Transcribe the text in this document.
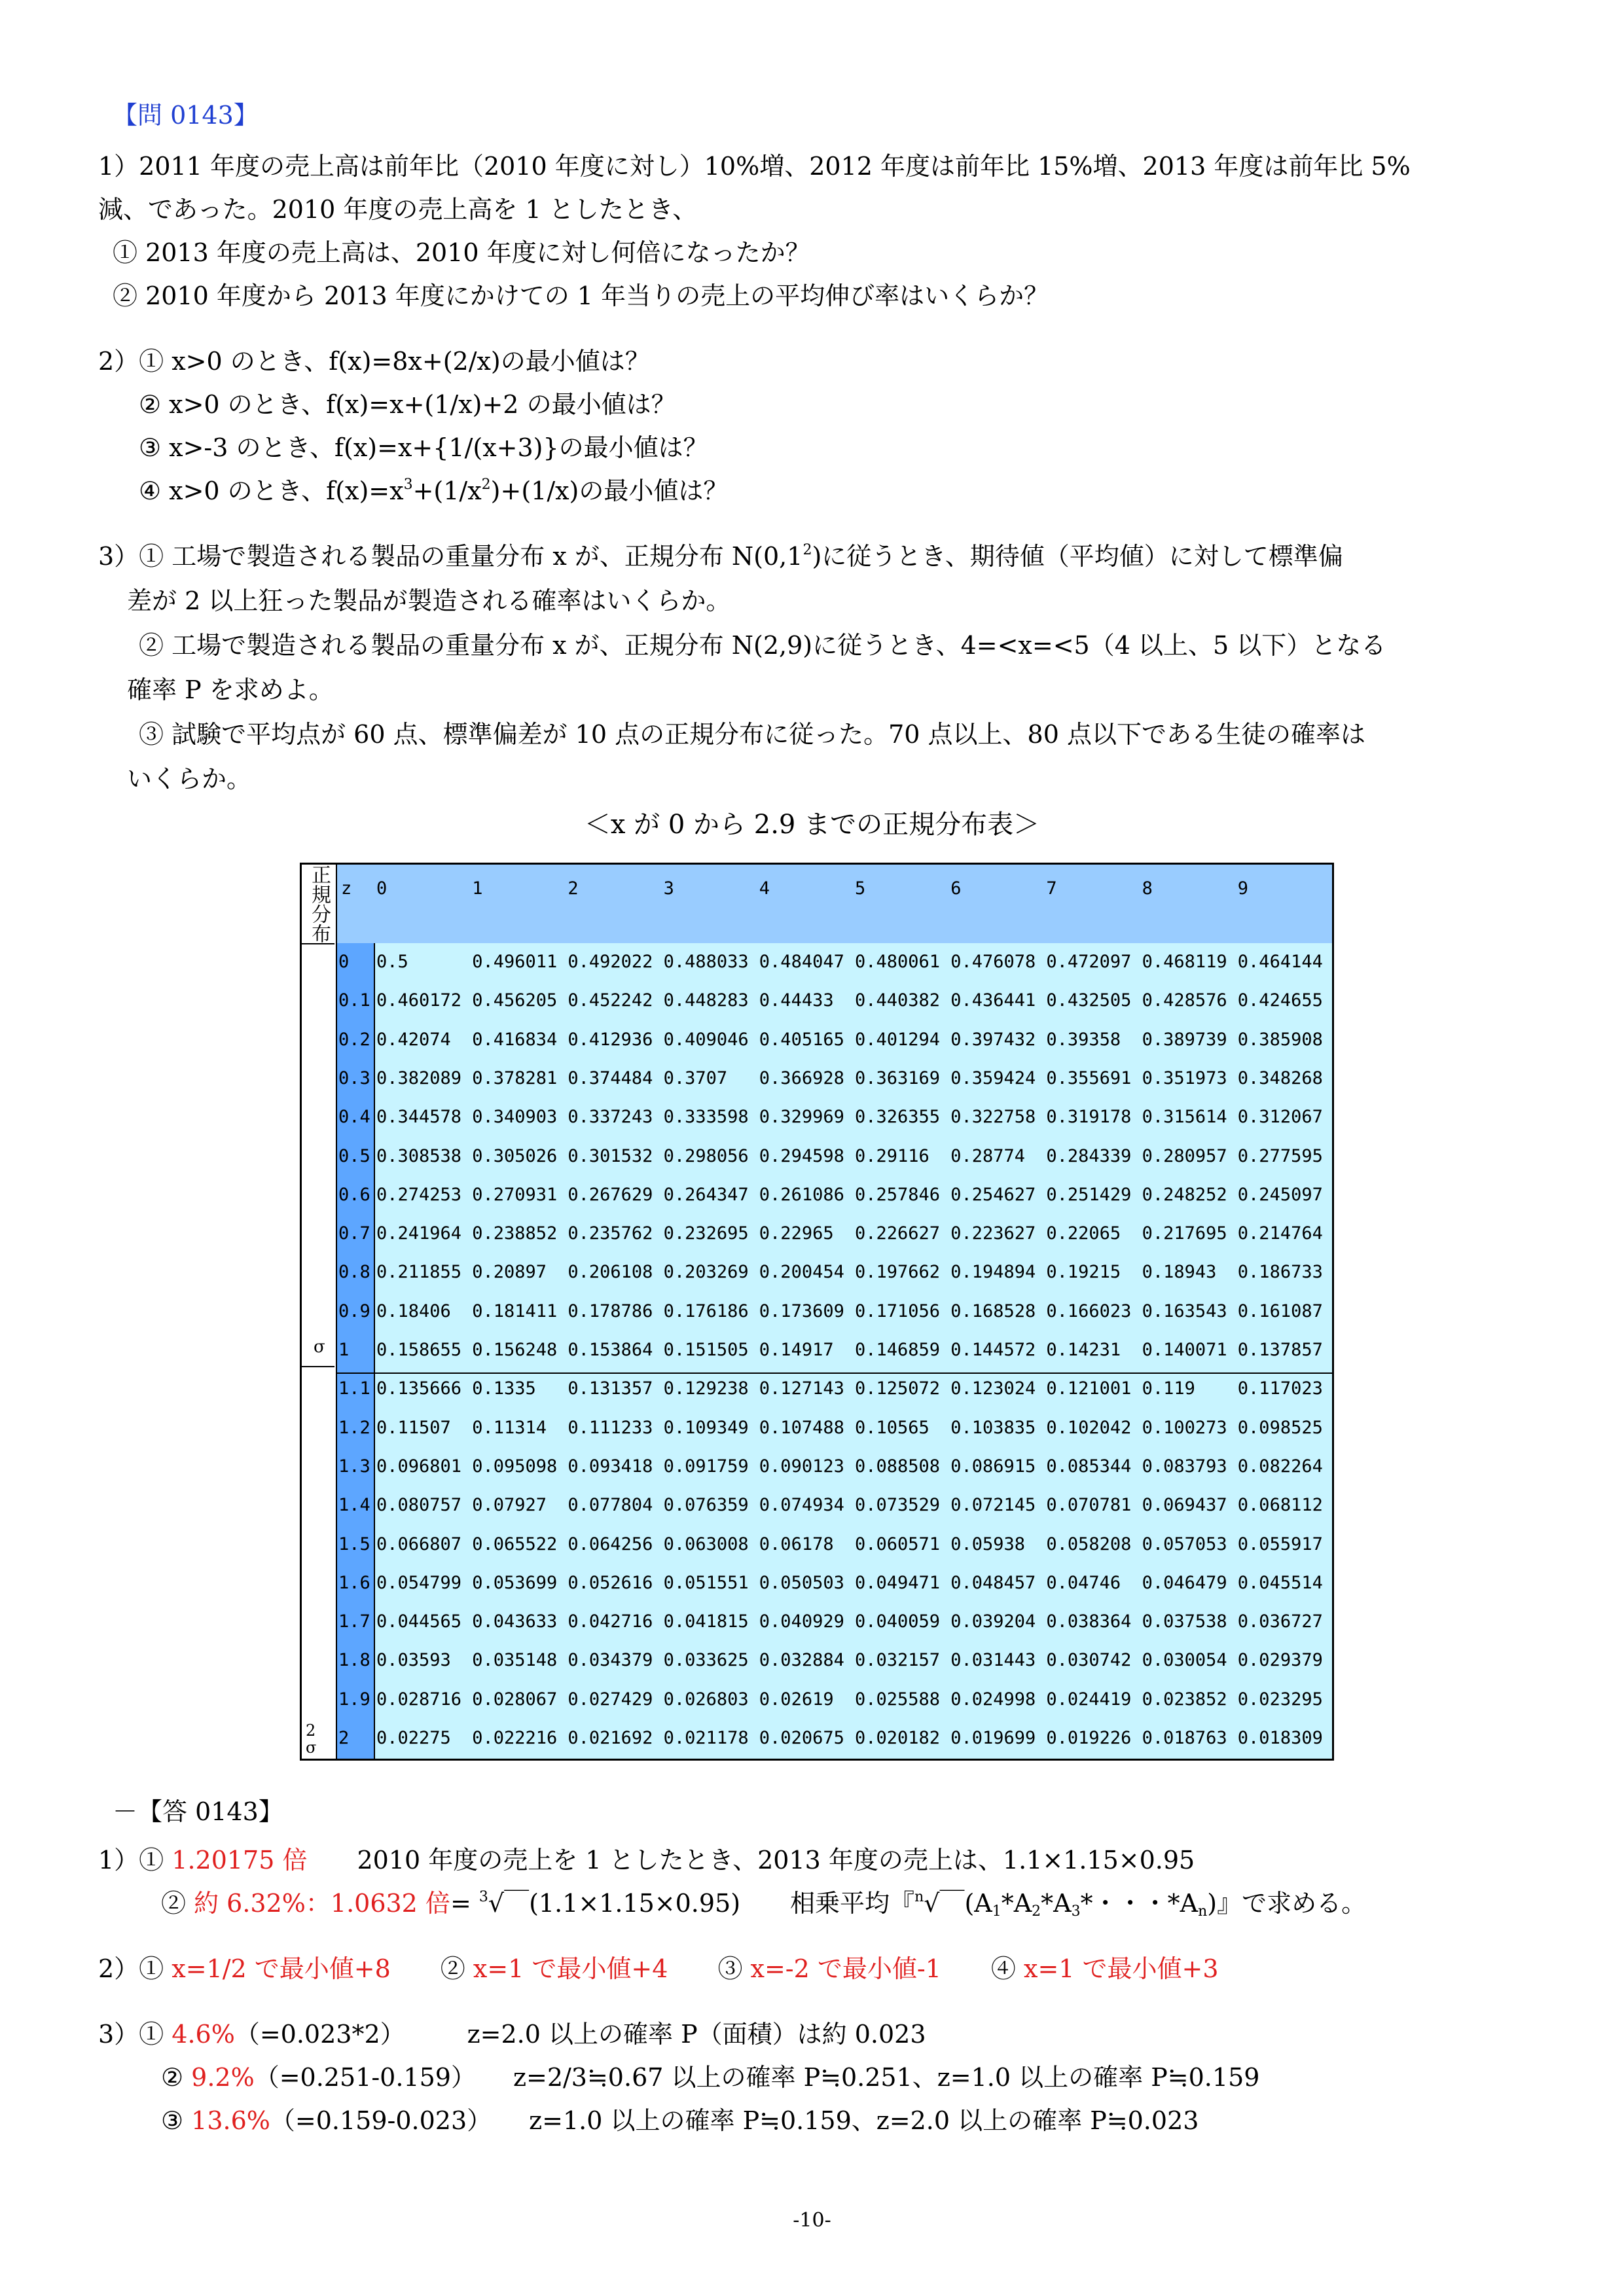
【問 0143】
1）2011 年度の売上高は前年比（2010 年度に対し）10%増、2012 年度は前年比 15%増、2013 年度は前年比 5%
減、であった。2010 年度の売上高を 1 としたとき、
① 2013 年度の売上高は、2010 年度に対し何倍になったか？
② 2010 年度から 2013 年度にかけての 1 年当りの売上の平均伸び率はいくらか？
2）① x>0 のとき、f(x)=8x+(2/x)の最小値は？
② x>0 のとき、f(x)=x+(1/x)+2 の最小値は？
③ x>-3 のとき、f(x)=x+{1/(x+3)}の最小値は？
④ x>0 のとき、$f(x)=x^3+(1/x^2)+(1/x)$の最小値は？
3）① 工場で製造される製品の重量分布 x が、正規分布 $N(0,1^2)$に従うとき、期待値（平均値）に対して標準偏
差が 2 以上狂った製品が製造される確率はいくらか。
② 工場で製造される製品の重量分布 x が、正規分布 N(2,9)に従うとき、4=<x=<5（4 以上、5 以下）となる
確率 P を求めよ。
③ 試験で平均点が 60 点、標準偏差が 10 点の正規分布に従った。70 点以上、80 点以下である生徒の確率は
いくらか。
＜x が 0 から 2.9 までの正規分布表＞
正規分布
σ
2
σ
z 0	1	2	3	4	5	6	7	8	9
0 0.5	0.496011 0.492022 0.488033 0.484047 0.480061 0.476078 0.472097 0.468119 0.464144
0.1 0.460172 0.456205 0.452242 0.448283 0.44433 0.440382 0.436441 0.432505 0.428576 0.424655
0.2 0.42074 0.416834 0.412936 0.409046 0.405165 0.401294 0.397432 0.39358 0.389739 0.385908
0.3 0.382089 0.378281 0.374484 0.3707 0.366928 0.363169 0.359424 0.355691 0.351973 0.348268
0.4 0.344578 0.340903 0.337243 0.333598 0.329969 0.326355 0.322758 0.319178 0.315614 0.312067
0.5 0.308538 0.305026 0.301532 0.298056 0.294598 0.29116 0.28774 0.284339 0.280957 0.277595
0.6 0.274253 0.270931 0.267629 0.264347 0.261086 0.257846 0.254627 0.251429 0.248252 0.245097
0.7 0.241964 0.238852 0.235762 0.232695 0.22965 0.226627 0.223627 0.22065 0.217695 0.214764
0.8 0.211855 0.20897 0.206108 0.203269 0.200454 0.197662 0.194894 0.19215 0.18943 0.186733
0.9 0.18406 0.181411 0.178786 0.176186 0.173609 0.171056 0.168528 0.166023 0.163543 0.161087
1 0.158655 0.156248 0.153864 0.151505 0.14917 0.146859 0.144572 0.14231 0.140071 0.137857
1.1 0.135666 0.1335 0.131357 0.129238 0.127143 0.125072 0.123024 0.121001 0.119 0.117023
1.2 0.11507 0.11314 0.111233 0.109349 0.107488 0.10565 0.103835 0.102042 0.100273 0.098525
1.3 0.096801 0.095098 0.093418 0.091759 0.090123 0.088508 0.086915 0.085344 0.083793 0.082264
1.4 0.080757 0.07927 0.077804 0.076359 0.074934 0.073529 0.072145 0.070781 0.069437 0.068112
1.5 0.066807 0.065522 0.064256 0.063008 0.06178 0.060571 0.05938 0.058208 0.057053 0.055917
1.6 0.054799 0.053699 0.052616 0.051551 0.050503 0.049471 0.048457 0.04746 0.046479 0.045514
1.7 0.044565 0.043633 0.042716 0.041815 0.040929 0.040059 0.039204 0.038364 0.037538 0.036727
1.8 0.03593 0.035148 0.034379 0.033625 0.032884 0.032157 0.031443 0.030742 0.030054 0.029379
1.9 0.028716 0.028067 0.027429 0.026803 0.02619 0.025588 0.024998 0.024419 0.023852 0.023295
2 0.02275 0.022216 0.021692 0.021178 0.020675 0.020182 0.019699 0.019226 0.018763 0.018309
－【答 0143】
1）① 1.20175 倍　　2010 年度の売上を 1 としたとき、2013 年度の売上は、1.1×1.15×0.95
② 約 6.32%：1.0632 倍= $^3$√￣(1.1×1.15×0.95)　　相乗平均『$^n$√￣($A_1*A_2*A_3*$・・・$*A_n$)』で求める。
2）① x=1/2 で最小値+8　　② x=1 で最小値+4　　③ x=-2 で最小値-1　　④ x=1 で最小値+3
3）① 4.6%（=0.023*2）　　　z=2.0 以上の確率 P（面積）は約 0.023
② 9.2%（=0.251-0.159）　　z=2/3≒0.67 以上の確率 P≒0.251、z=1.0 以上の確率 P≒0.159
③ 13.6%（=0.159-0.023）　　z=1.0 以上の確率 P≒0.159、z=2.0 以上の確率 P≒0.023
-10-
